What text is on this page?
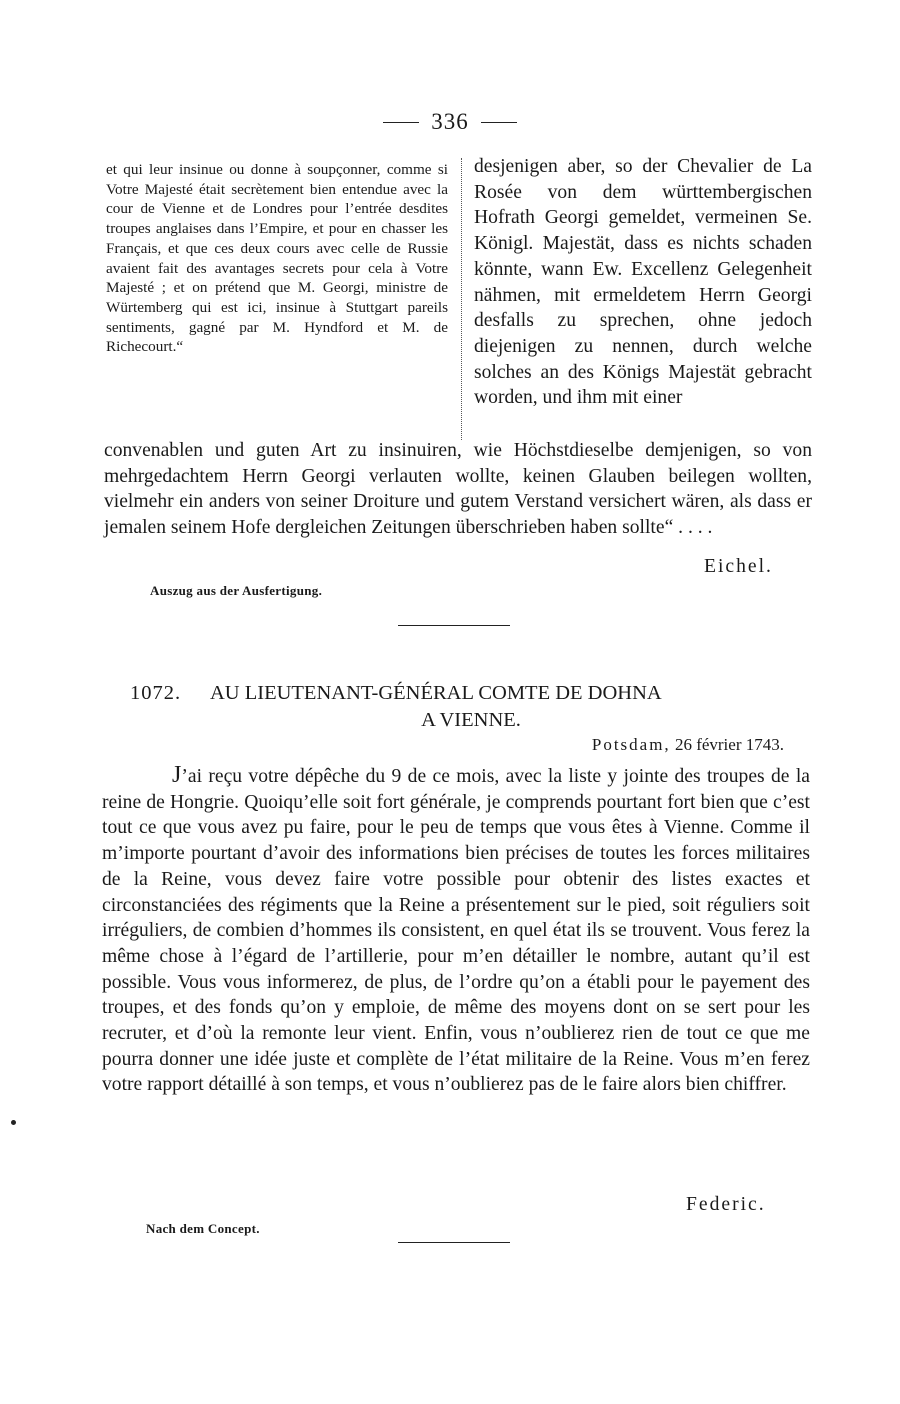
336
et qui leur insinue ou donne à soupçonner, comme si Votre Majesté était secrètement bien entendue avec la cour de Vienne et de Londres pour l’entrée desdites troupes anglaises dans l’Empire, et pour en chasser les Français, et que ces deux cours avec celle de Russie avaient fait des avantages secrets pour cela à Votre Majesté ; et on prétend que M. Georgi, ministre de Würtemberg qui est ici, insinue à Stuttgart pareils sentiments, gagné par M. Hyndford et M. de Richecourt.“
desjenigen aber, so der Chevalier de La Rosée von dem württembergischen Hofrath Georgi gemeldet, vermeinen Se. Königl. Majestät, dass es nichts schaden könnte, wann Ew. Excellenz Gelegenheit nähmen, mit ermeldetem Herrn Georgi desfalls zu sprechen, ohne jedoch diejenigen zu nennen, durch welche solches an des Königs Majestät gebracht worden, und ihm mit einer
convenablen und guten Art zu insinuiren, wie Höchstdieselbe demjenigen, so von mehrgedachtem Herrn Georgi verlauten wollte, keinen Glauben beilegen wollten, vielmehr ein anders von seiner Droiture und gutem Verstand versichert wären, als dass er jemalen seinem Hofe dergleichen Zeitungen überschrieben haben sollte“ . . . .
Eichel.
Auszug aus der Ausfertigung.
1072.	AU LIEUTENANT-GÉNÉRAL COMTE DE DOHNA
A VIENNE.
Potsdam, 26 février 1743.
J’ai reçu votre dépêche du 9 de ce mois, avec la liste y jointe des troupes de la reine de Hongrie. Quoiqu’elle soit fort générale, je comprends pourtant fort bien que c’est tout ce que vous avez pu faire, pour le peu de temps que vous êtes à Vienne. Comme il m’importe pourtant d’avoir des informations bien précises de toutes les forces militaires de la Reine, vous devez faire votre possible pour obtenir des listes exactes et circonstanciées des régiments que la Reine a présentement sur le pied, soit réguliers soit irréguliers, de combien d’hommes ils consistent, en quel état ils se trouvent. Vous ferez la même chose à l’égard de l’artillerie, pour m’en détailler le nombre, autant qu’il est possible. Vous vous informerez, de plus, de l’ordre qu’on a établi pour le payement des troupes, et des fonds qu’on y emploie, de même des moyens dont on se sert pour les recruter, et d’où la remonte leur vient. Enfin, vous n’oublierez rien de tout ce que me pourra donner une idée juste et complète de l’état militaire de la Reine. Vous m’en ferez votre rapport détaillé à son temps, et vous n’oublierez pas de le faire alors bien chiffrer.
Federic.
Nach dem Concept.
